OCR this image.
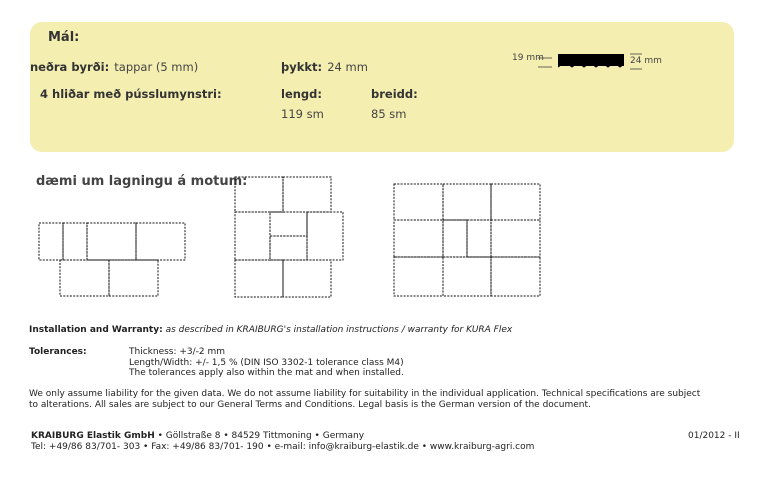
Mál:
neðra byrði: tappar (5 mm)	þykkt: 24 mm
19 mm	24 mm
4 hliðar með pússlumynstri:	lengd:	breidd:
119 sm	85 sm
dæmi um lagningu á motum:
Installation and Warranty: as described in KRAIBURG's installation instructions / warranty for KURA Flex
Tolerances:	Thickness: +3/-2 mm
Length/Width: +/- 1,5 % (DIN ISO 3302-1 tolerance class M4)
The tolerances apply also within the mat and when installed.
We only assume liability for the given data. We do not assume liability for suitability in the individual application. Technical specifications are subject
to alterations. All sales are subject to our General Terms and Conditions. Legal basis is the German version of the document.
KRAIBURG Elastik GmbH • Göllstraße 8 • 84529 Tittmoning • Germany
Tel: +49/86 83/701- 303 • Fax: +49/86 83/701- 190 • e-mail: info@kraiburg-elastik.de • www.kraiburg-agri.com
01/2012 - II
